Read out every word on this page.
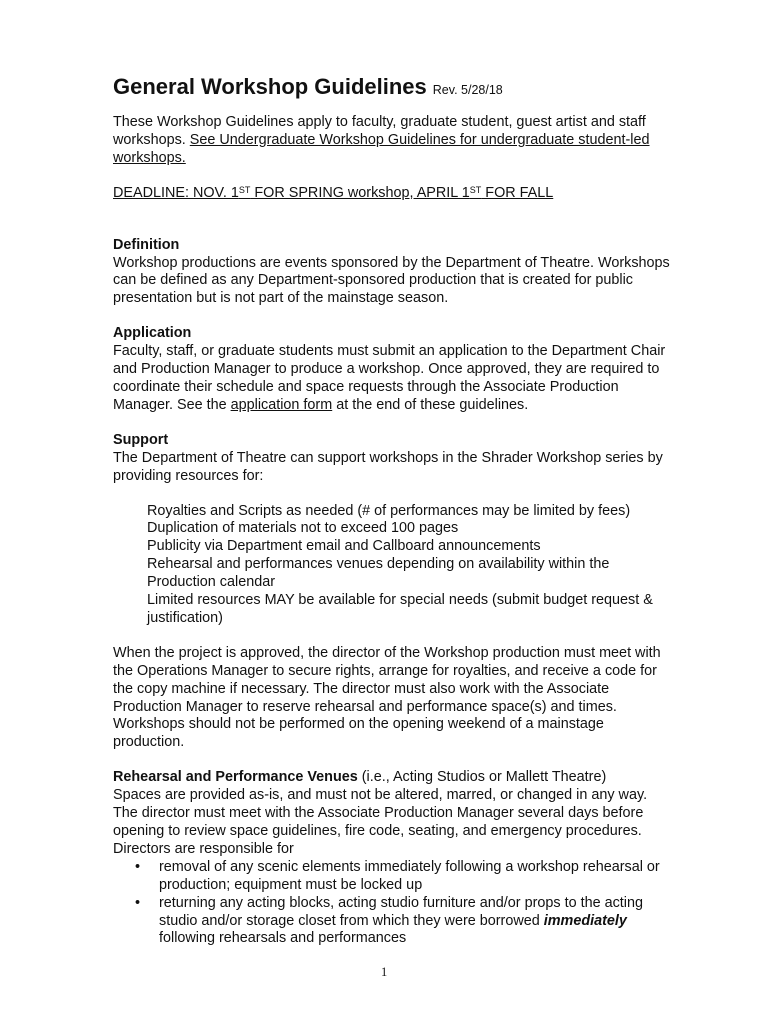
General Workshop Guidelines Rev. 5/28/18

These Workshop Guidelines apply to faculty, graduate student, guest artist and staff workshops. See Undergraduate Workshop Guidelines for undergraduate student-led workshops.

DEADLINE: NOV. 1ST FOR SPRING workshop, APRIL 1ST FOR FALL

Definition

Workshop productions are events sponsored by the Department of Theatre. Workshops can be defined as any Department-sponsored production that is created for public presentation but is not part of the mainstage season.

Application

Faculty, staff, or graduate students must submit an application to the Department Chair and Production Manager to produce a workshop. Once approved, they are required to coordinate their schedule and space requests through the Associate Production Manager. See the application form at the end of these guidelines.

Support

The Department of Theatre can support workshops in the Shrader Workshop series by providing resources for:

Royalties and Scripts as needed (# of performances may be limited by fees)

Duplication of materials not to exceed 100 pages

Publicity via Department email and Callboard announcements

Rehearsal and performances venues depending on availability within the Production calendar

Limited resources MAY be available for special needs (submit budget request & justification)

When the project is approved, the director of the Workshop production must meet with the Operations Manager to secure rights, arrange for royalties, and receive a code for the copy machine if necessary. The director must also work with the Associate Production Manager to reserve rehearsal and performance space(s) and times. Workshops should not be performed on the opening weekend of a mainstage production.

Rehearsal and Performance Venues (i.e., Acting Studios or Mallett Theatre)

Spaces are provided as-is, and must not be altered, marred, or changed in any way. The director must meet with the Associate Production Manager several days before opening to review space guidelines, fire code, seating, and emergency procedures. Directors are responsible for

• removal of any scenic elements immediately following a workshop rehearsal or production; equipment must be locked up
• returning any acting blocks, acting studio furniture and/or props to the acting studio and/or storage closet from which they were borrowed immediately following rehearsals and performances
1
